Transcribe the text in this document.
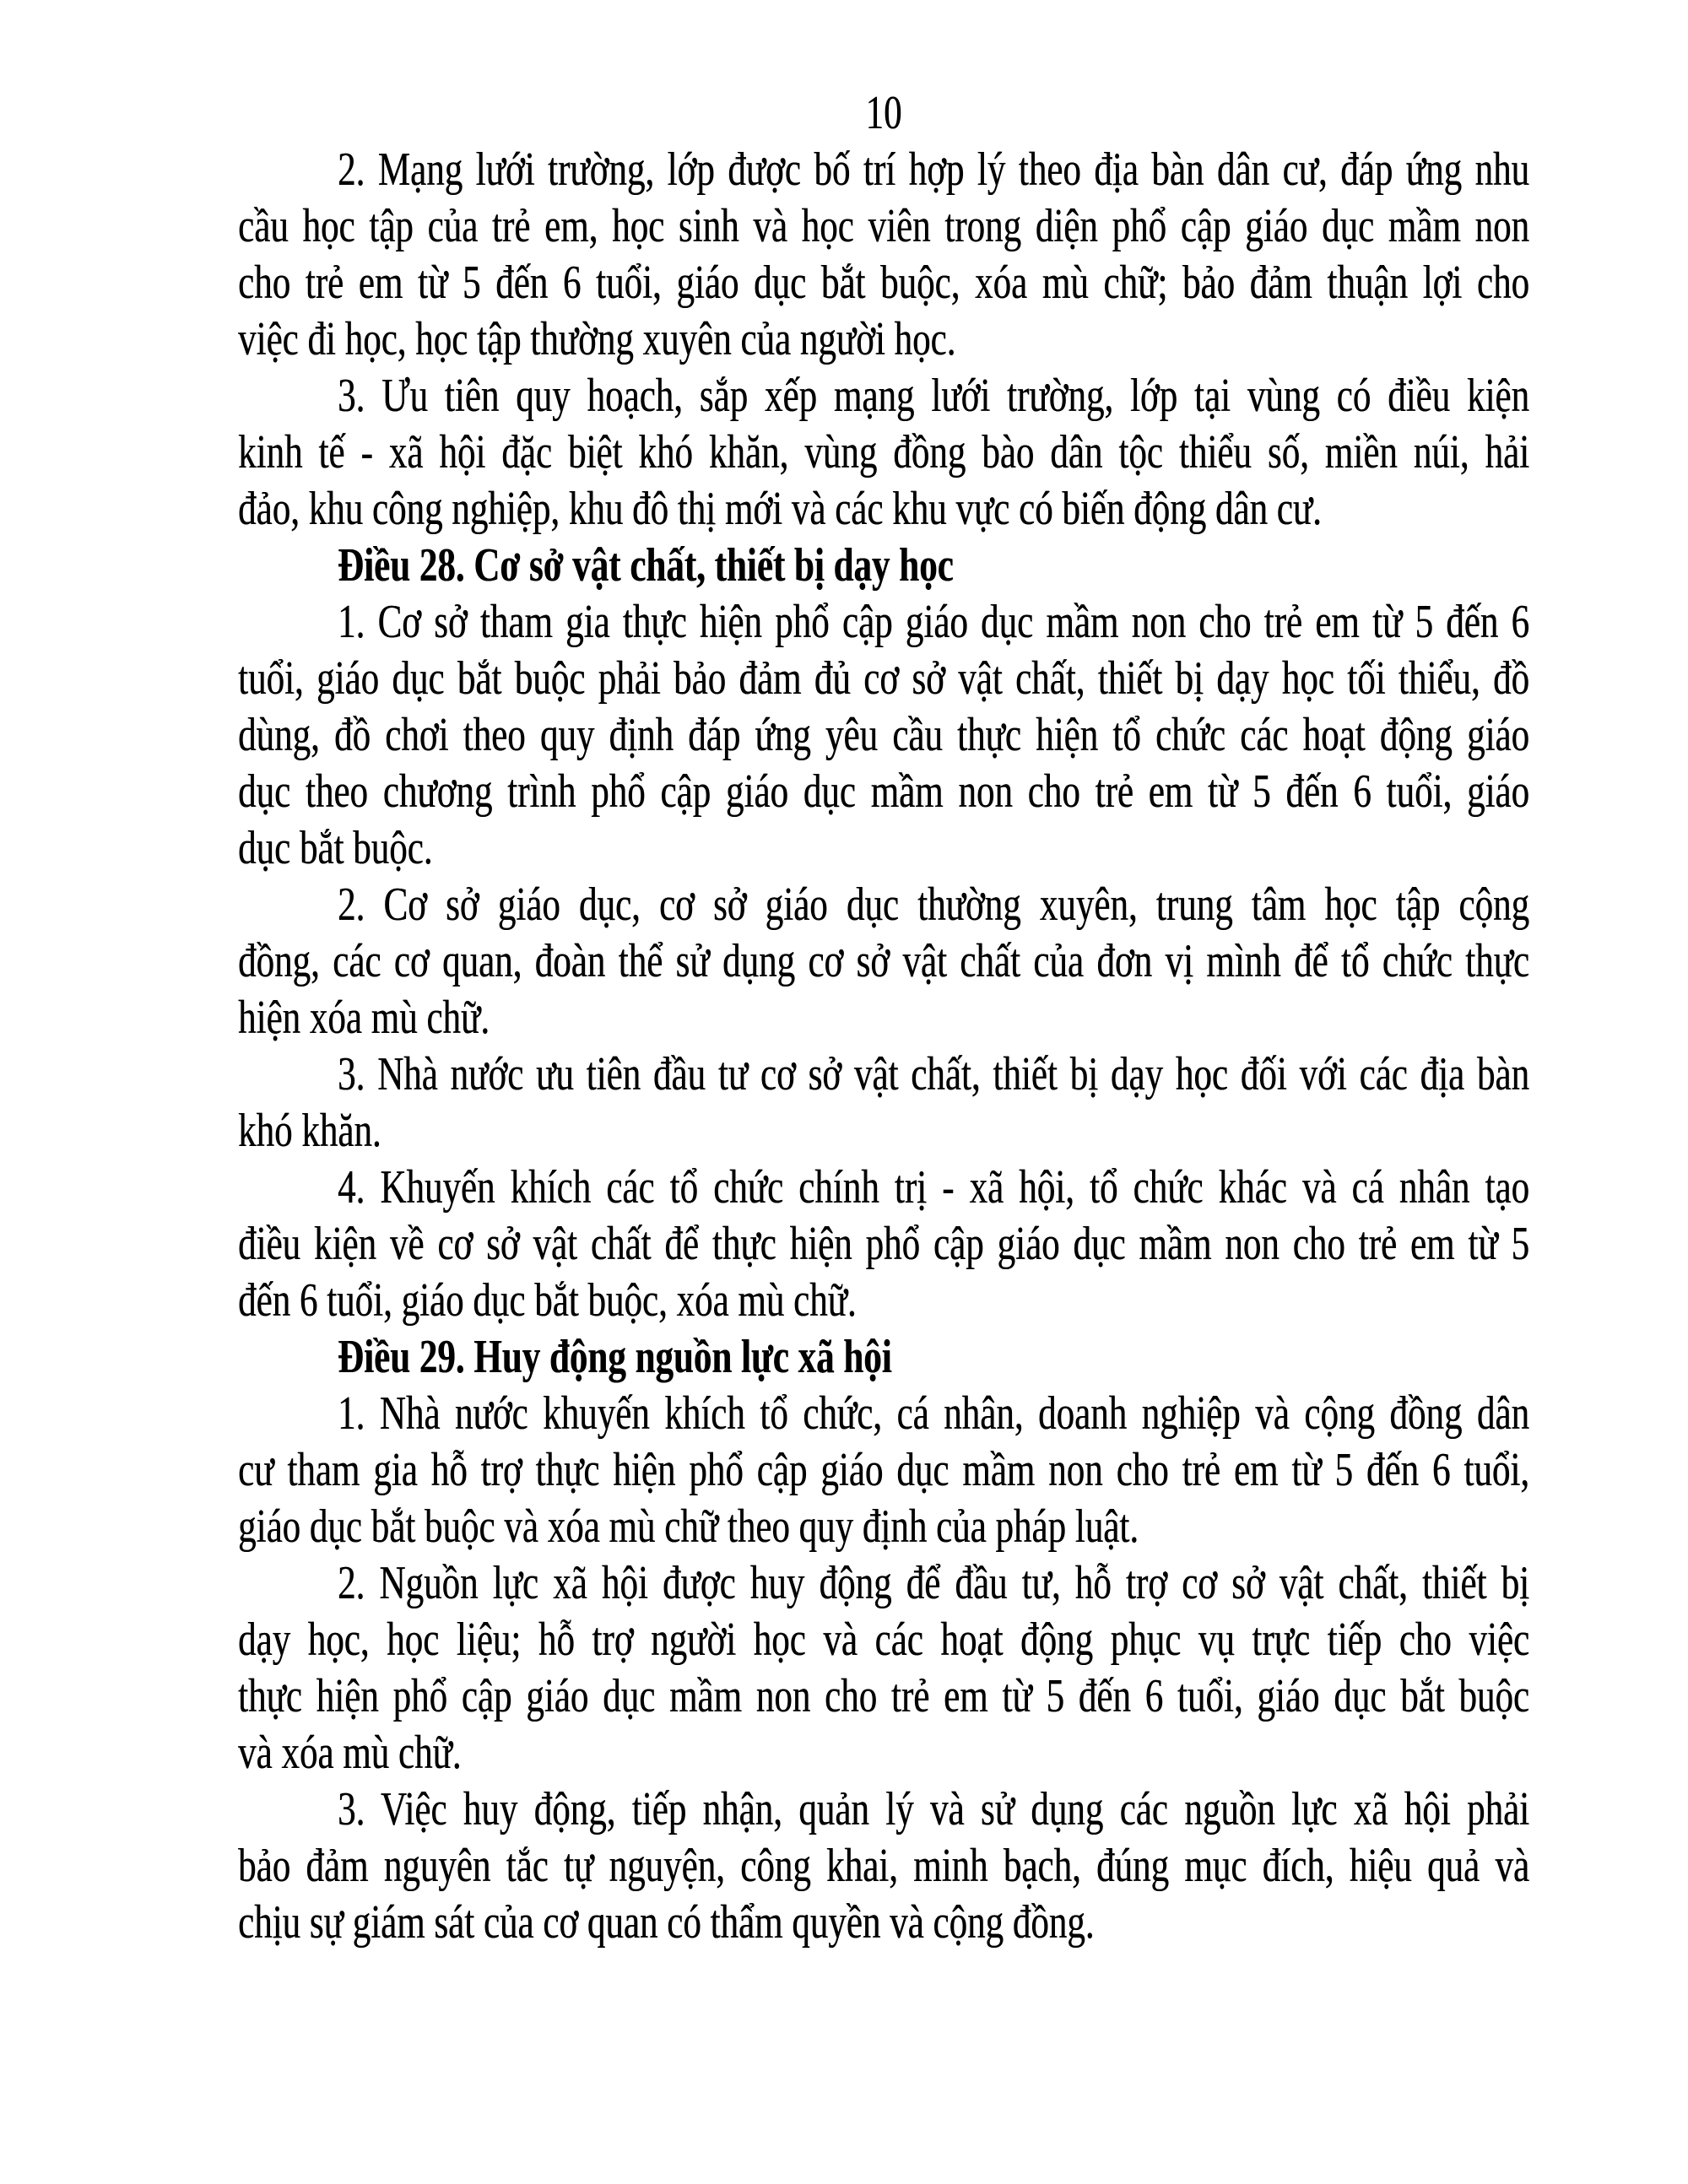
10
2. Mạng lưới trường, lớp được bố trí hợp lý theo địa bàn dân cư, đáp ứng nhu
cầu học tập của trẻ em, học sinh và học viên trong diện phổ cập giáo dục mầm non
cho trẻ em từ 5 đến 6 tuổi, giáo dục bắt buộc, xóa mù chữ; bảo đảm thuận lợi cho
việc đi học, học tập thường xuyên của người học.
3. Ưu tiên quy hoạch, sắp xếp mạng lưới trường, lớp tại vùng có điều kiện
kinh tế - xã hội đặc biệt khó khăn, vùng đồng bào dân tộc thiểu số, miền núi, hải
đảo, khu công nghiệp, khu đô thị mới và các khu vực có biến động dân cư.
Điều 28. Cơ sở vật chất, thiết bị dạy học
1. Cơ sở tham gia thực hiện phổ cập giáo dục mầm non cho trẻ em từ 5 đến 6
tuổi, giáo dục bắt buộc phải bảo đảm đủ cơ sở vật chất, thiết bị dạy học tối thiểu, đồ
dùng, đồ chơi theo quy định đáp ứng yêu cầu thực hiện tổ chức các hoạt động giáo
dục theo chương trình phổ cập giáo dục mầm non cho trẻ em từ 5 đến 6 tuổi, giáo
dục bắt buộc.
2. Cơ sở giáo dục, cơ sở giáo dục thường xuyên, trung tâm học tập cộng
đồng, các cơ quan, đoàn thể sử dụng cơ sở vật chất của đơn vị mình để tổ chức thực
hiện xóa mù chữ.
3. Nhà nước ưu tiên đầu tư cơ sở vật chất, thiết bị dạy học đối với các địa bàn
khó khăn.
4. Khuyến khích các tổ chức chính trị - xã hội, tổ chức khác và cá nhân tạo
điều kiện về cơ sở vật chất để thực hiện phổ cập giáo dục mầm non cho trẻ em từ 5
đến 6 tuổi, giáo dục bắt buộc, xóa mù chữ.
Điều 29. Huy động nguồn lực xã hội
1. Nhà nước khuyến khích tổ chức, cá nhân, doanh nghiệp và cộng đồng dân
cư tham gia hỗ trợ thực hiện phổ cập giáo dục mầm non cho trẻ em từ 5 đến 6 tuổi,
giáo dục bắt buộc và xóa mù chữ theo quy định của pháp luật.
2. Nguồn lực xã hội được huy động để đầu tư, hỗ trợ cơ sở vật chất, thiết bị
dạy học, học liệu; hỗ trợ người học và các hoạt động phục vụ trực tiếp cho việc
thực hiện phổ cập giáo dục mầm non cho trẻ em từ 5 đến 6 tuổi, giáo dục bắt buộc
và xóa mù chữ.
3. Việc huy động, tiếp nhận, quản lý và sử dụng các nguồn lực xã hội phải
bảo đảm nguyên tắc tự nguyện, công khai, minh bạch, đúng mục đích, hiệu quả và
chịu sự giám sát của cơ quan có thẩm quyền và cộng đồng.
